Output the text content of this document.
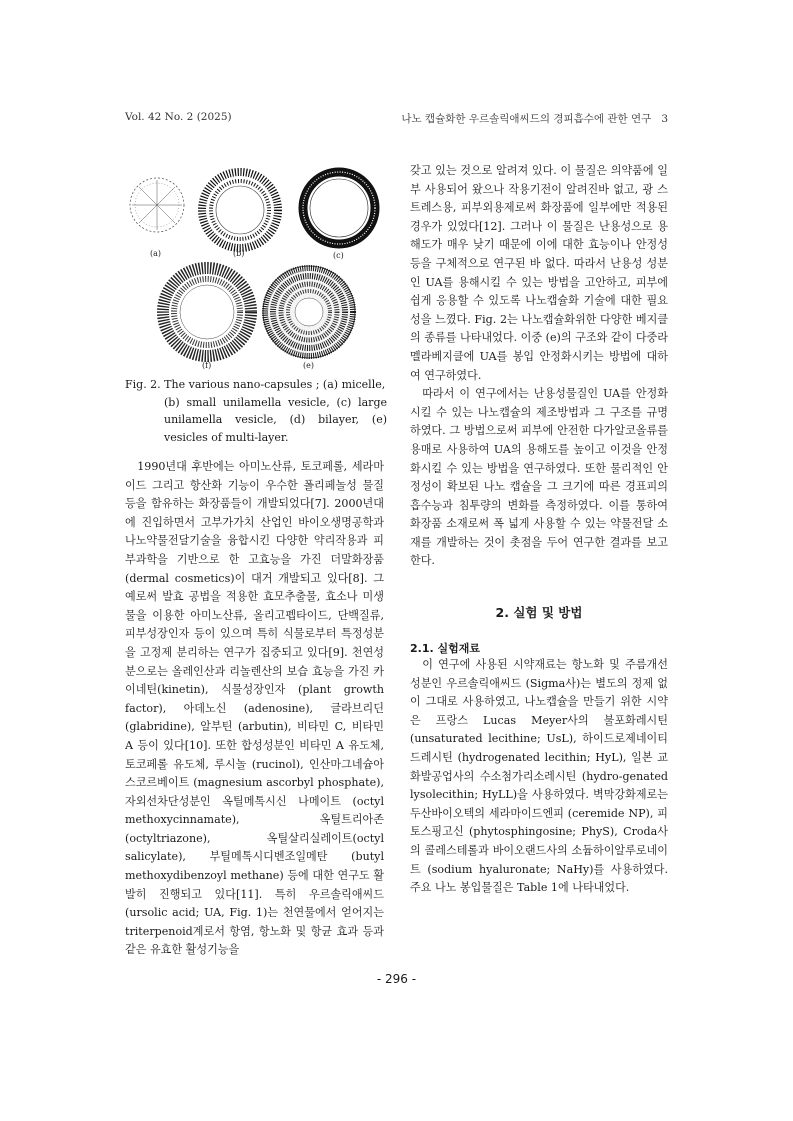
Vol. 42 No. 2 (2025)	나노 캡슐화한 우르솔릭애씨드의 경피흡수에 관한 연구 3
(a)	(b)	(c)
(f)	(e)
Fig. 2. The various nano-capsules ; (a) micelle,
(b) small unilamella vesicle, (c) large unilamella vesicle, (d) bilayer, (e) vesicles of multi-layer.

1990년대 후반에는 아미노산류, 토코페롤, 세라마이드 그리고 항산화 기능이 우수한 폴리페놀성 물질 등을 함유하는 화장품들이 개발되었다[7]. 2000년대에 진입하면서 고부가가치 산업인 바이오생명공학과 나노약물전달기술을 융합시킨 다양한 약리작용과 피부과학을 기반으로 한 고효능을 가진 더말화장품(dermal cosmetics)이 대거 개발되고 있다[8]. 그 예로써 발효 공법을 적용한 효모추출물, 효소나 미생물을 이용한 아미노산류, 올리고펩타이드, 단백질류, 피부성장인자 등이 있으며 특히 식물로부터 특정성분을 고정제 분리하는 연구가 집중되고 있다[9]. 천연성분으로는 올레인산과 리놀렌산의 보습 효능을 가진 카이네틴(kinetin), 식물성장인자 (plant growth factor), 아데노신 (adenosine), 글라브리딘 (glabridine), 알부틴 (arbutin), 비타민 C, 비타민 A 등이 있다[10]. 또한 합성성분인 비타민 A 유도체, 토코페롤 유도체, 루시놀 (rucinol), 인산마그네슘아스코르베이트 (magnesium ascorbyl phosphate), 자외선차단성분인 옥틸메톡시신 나메이트 (octyl methoxycinnamate), 옥틸트리아존(octyltriazone), 옥틸살리실레이트(octyl salicylate), 부틸메톡시디벤조일메탄 (butyl methoxydibenzoyl methane) 등에 대한 연구도 활발히 진행되고 있다[11]. 특히 우르솔릭애씨드 (ursolic acid; UA, Fig. 1)는 천연물에서 얻어지는 triterpenoid계로서 항염, 항노화 및 항균 효과 등과 같은 유효한 활성기능을

갖고 있는 것으로 알려져 있다. 이 물질은 의약품에 일부 사용되어 왔으나 작용기전이 알려진바 없고, 광 스트레스용, 피부외용제로써 화장품에 일부에만 적용된 경우가 있었다[12]. 그러나 이 물질은 난용성으로 용해도가 매우 낮기 때문에 이에 대한 효능이나 안정성 등을 구체적으로 연구된 바 없다. 따라서 난용성 성분인 UA를 용해시킬 수 있는 방법을 고안하고, 피부에 쉽게 응용할 수 있도록 나노캡슐화 기술에 대한 필요성을 느꼈다. Fig. 2는 나노캡슐화위한 다양한 베지클의 종류를 나타내었다. 이중 (e)의 구조와 같이 다중라멜라베지클에 UA를 봉입 안정화시키는 방법에 대하여 연구하였다.

따라서 이 연구에서는 난용성물질인 UA를 안정화시킬 수 있는 나노캡슐의 제조방법과 그 구조를 규명하였다. 그 방법으로써 피부에 안전한 다가알코올류를 용매로 사용하여 UA의 용해도를 높이고 이것을 안정화시킬 수 있는 방법을 연구하였다. 또한 물리적인 안정성이 확보된 나노 캡슐을 그 크기에 따른 경표피의 흡수능과 침투량의 변화를 측정하였다. 이를 통하여 화장품 소재로써 폭 넓게 사용할 수 있는 약물전달 소재를 개발하는 것이 촛점을 두어 연구한 결과를 보고한다.

2. 실험 및 방법
2.1. 실험재료

이 연구에 사용된 시약재료는 항노화 및 주름개선 성분인 우르솔릭애씨드 (Sigma사)는 별도의 정제 없이 그대로 사용하였고, 나노캡슐을 만들기 위한 시약은 프랑스 Lucas Meyer사의 불포화레시틴 (unsaturated lecithine; UsL), 하이드로제네이티드레시틴 (hydrogenated lecithin; HyL), 일본 교화발공업사의 수소첨가리소레시틴 (hydro-genated lysolecithin; HyLL)을 사용하였다. 벽막강화제로는 두산바이오텍의 세라마이드엔피 (ceremide NP), 피토스핑고신 (phytosphingosine; PhyS), Croda사의 콜레스테롤과 바이오랜드사의 소듐하이알루로네이트 (sodium hyaluronate; NaHy)를 사용하였다. 주요 나노 봉입물질은 Table 1에 나타내었다.

- 296 -
